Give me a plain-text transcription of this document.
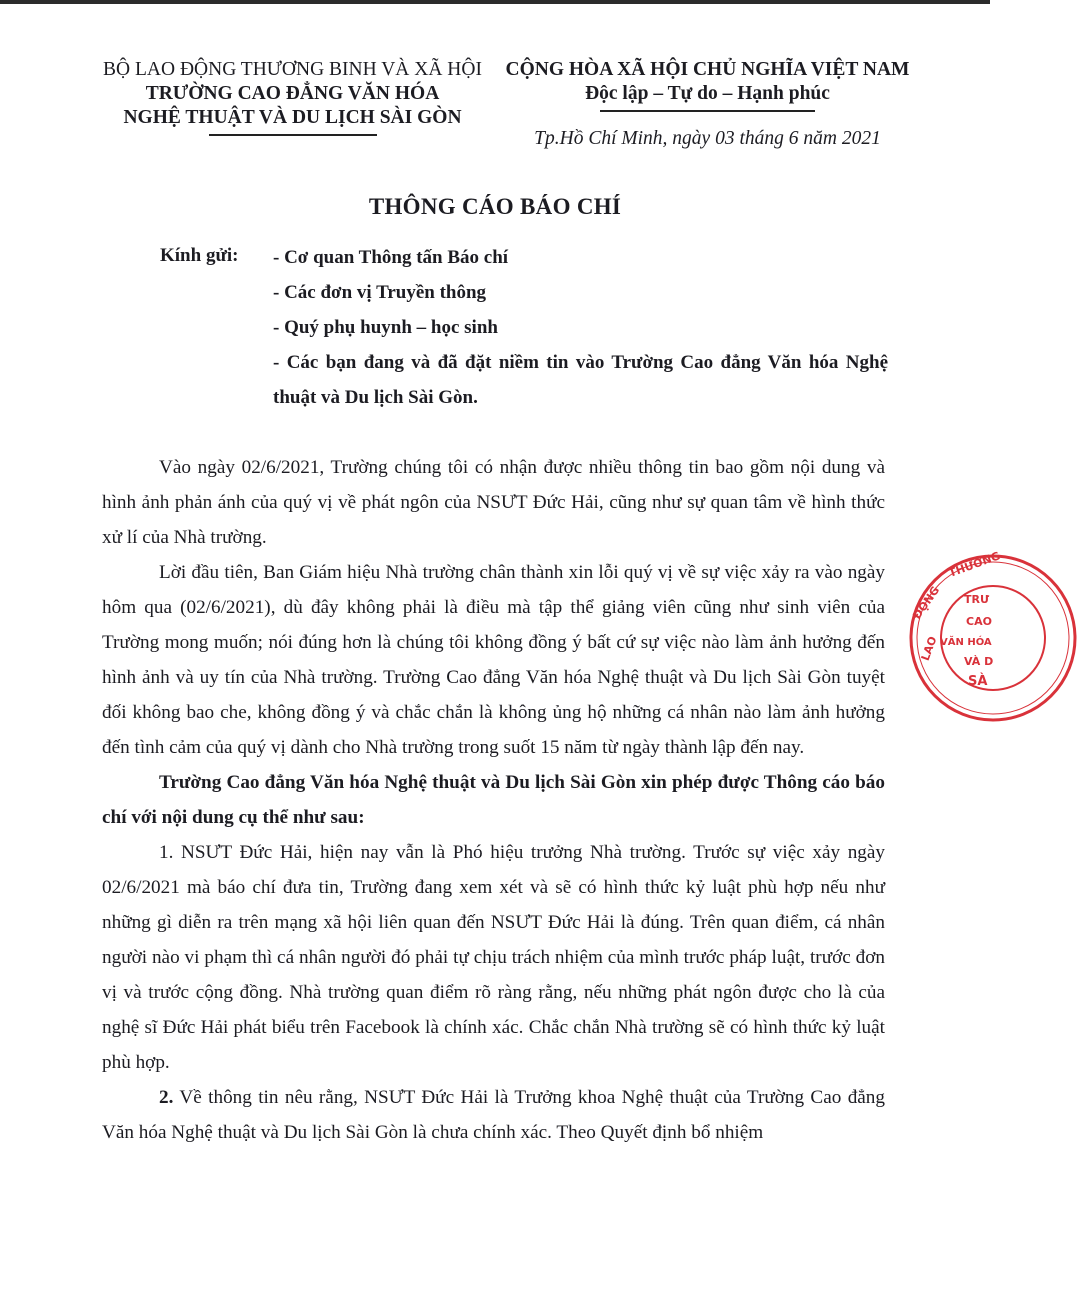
BỘ LAO ĐỘNG THƯƠNG BINH VÀ XÃ HỘI
TRƯỜNG CAO ĐẲNG VĂN HÓA
NGHỆ THUẬT VÀ DU LỊCH SÀI GÒN
CỘNG HÒA XÃ HỘI CHỦ NGHĨA VIỆT NAM
Độc lập – Tự do – Hạnh phúc
Tp.Hồ Chí Minh, ngày 03 tháng 6 năm 2021
THÔNG CÁO BÁO CHÍ
Kính gửi: - Cơ quan Thông tấn Báo chí
- Các đơn vị Truyền thông
- Quý phụ huynh – học sinh
- Các bạn đang và đã đặt niềm tin vào Trường Cao đẳng Văn hóa Nghệ thuật và Du lịch Sài Gòn.

Vào ngày 02/6/2021, Trường chúng tôi có nhận được nhiều thông tin bao gồm nội dung và hình ảnh phản ánh của quý vị về phát ngôn của NSƯT Đức Hải, cũng như sự quan tâm về hình thức xử lí của Nhà trường.

Lời đầu tiên, Ban Giám hiệu Nhà trường chân thành xin lỗi quý vị về sự việc xảy ra vào ngày hôm qua (02/6/2021), dù đây không phải là điều mà tập thể giảng viên cũng như sinh viên của Trường mong muốn; nói đúng hơn là chúng tôi không đồng ý bất cứ sự việc nào làm ảnh hưởng đến hình ảnh và uy tín của Nhà trường. Trường Cao đẳng Văn hóa Nghệ thuật và Du lịch Sài Gòn tuyệt đối không bao che, không đồng ý và chắc chắn là không ủng hộ những cá nhân nào làm ảnh hưởng đến tình cảm của quý vị dành cho Nhà trường trong suốt 15 năm từ ngày thành lập đến nay.

Trường Cao đẳng Văn hóa Nghệ thuật và Du lịch Sài Gòn xin phép được Thông cáo báo chí với nội dung cụ thể như sau:

1. NSƯT Đức Hải, hiện nay vẫn là Phó hiệu trưởng Nhà trường. Trước sự việc xảy ngày 02/6/2021 mà báo chí đưa tin, Trường đang xem xét và sẽ có hình thức kỷ luật phù hợp nếu như những gì diễn ra trên mạng xã hội liên quan đến NSƯT Đức Hải là đúng. Trên quan điểm, cá nhân người nào vi phạm thì cá nhân người đó phải tự chịu trách nhiệm của mình trước pháp luật, trước đơn vị và trước cộng đồng. Nhà trường quan điểm rõ ràng rằng, nếu những phát ngôn được cho là của nghệ sĩ Đức Hải phát biểu trên Facebook là chính xác. Chắc chắn Nhà trường sẽ có hình thức kỷ luật phù hợp.

2. Về thông tin nêu rằng, NSƯT Đức Hải là Trưởng khoa Nghệ thuật của Trường Cao đẳng Văn hóa Nghệ thuật và Du lịch Sài Gòn là chưa chính xác. Theo Quyết định bổ nhiệm

LAO
ĐỘNG
THƯƠNG
TRƯ
CAO
VĂN HÓA
VÀ D
SÀ
